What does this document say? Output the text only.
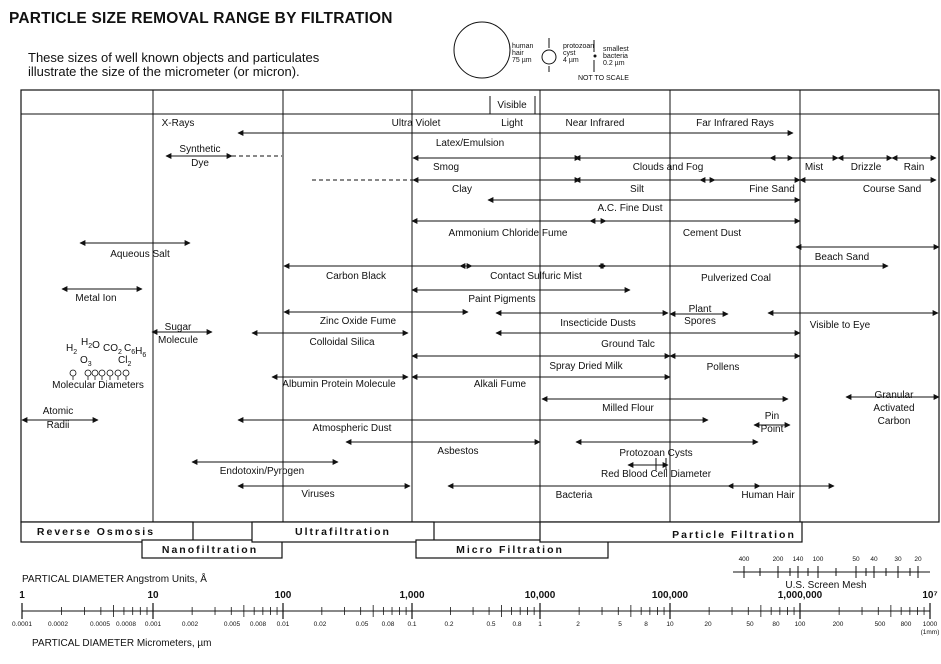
PARTICLE SIZE REMOVAL RANGE BY FILTRATION
These sizes of well known objects and particulates
illustrate the size of the micrometer (or micron).
human
hair
75 µm
protozoan
cyst
4 µm
smallest
bacteria
0.2 µm
NOT TO SCALE
X-Rays	Ultra Violet
Visible
Light	Near Infrared	Far Infrared Rays
Latex/Emulsion
Synthetic
Dye	Smog	Clouds and Fog	Mist	Drizzle Rain
Clay	Silt	Fine Sand	Course Sand
A.C. Fine Dust
Ammonium Chloride Fume	Cement Dust
Aqueous Salt	Beach Sand
Carbon Black	Contact Sulfuric Mist	Pulverized Coal
Metal Ion	Paint Pigments
Plant
Spores
Zinc Oxide Fume	Insecticide Dusts	Visible to Eye
Sugar
Molecule	Colloidal Silica	Ground Talc
Spray Dried Milk	Pollens
Molecular Diameters	Albumin Protein Molecule	Alkali Fume
Granular
Activated
Carbon
Milled Flour
Atomic
Radii
Pin
Point
Atmospheric Dust
Asbestos	Protozoan Cysts
Endotoxin/Pyrogen	Red Blood Cell Diameter
Viruses	Bacteria	Human Hair
$H_2$
$H_2O$
$O_3$
$CO_2$ $C_6H_6$
$Cl_2$
Reverse Osmosis
Nanofiltration
Ultrafiltration
Micro Filtration
Particle Filtration
400	200 140 100	50 40	30 20
U.S. Screen Mesh
PARTICAL DIAMETER Angstrom Units, Å
1	10	100	1,000	10,000	100,000	1,000,000	10⁷
0.0001 0.0002	0.0005 0.0008 0.001	0.002	0.005 0.008 0.01	0.02	0.05 0.08 0.1	0.2	0.5	0.8	1	2	5	8	10	20	50	80 100	200	500 800 1000
(1mm)
PARTICAL DIAMETER Micrometers, µm
